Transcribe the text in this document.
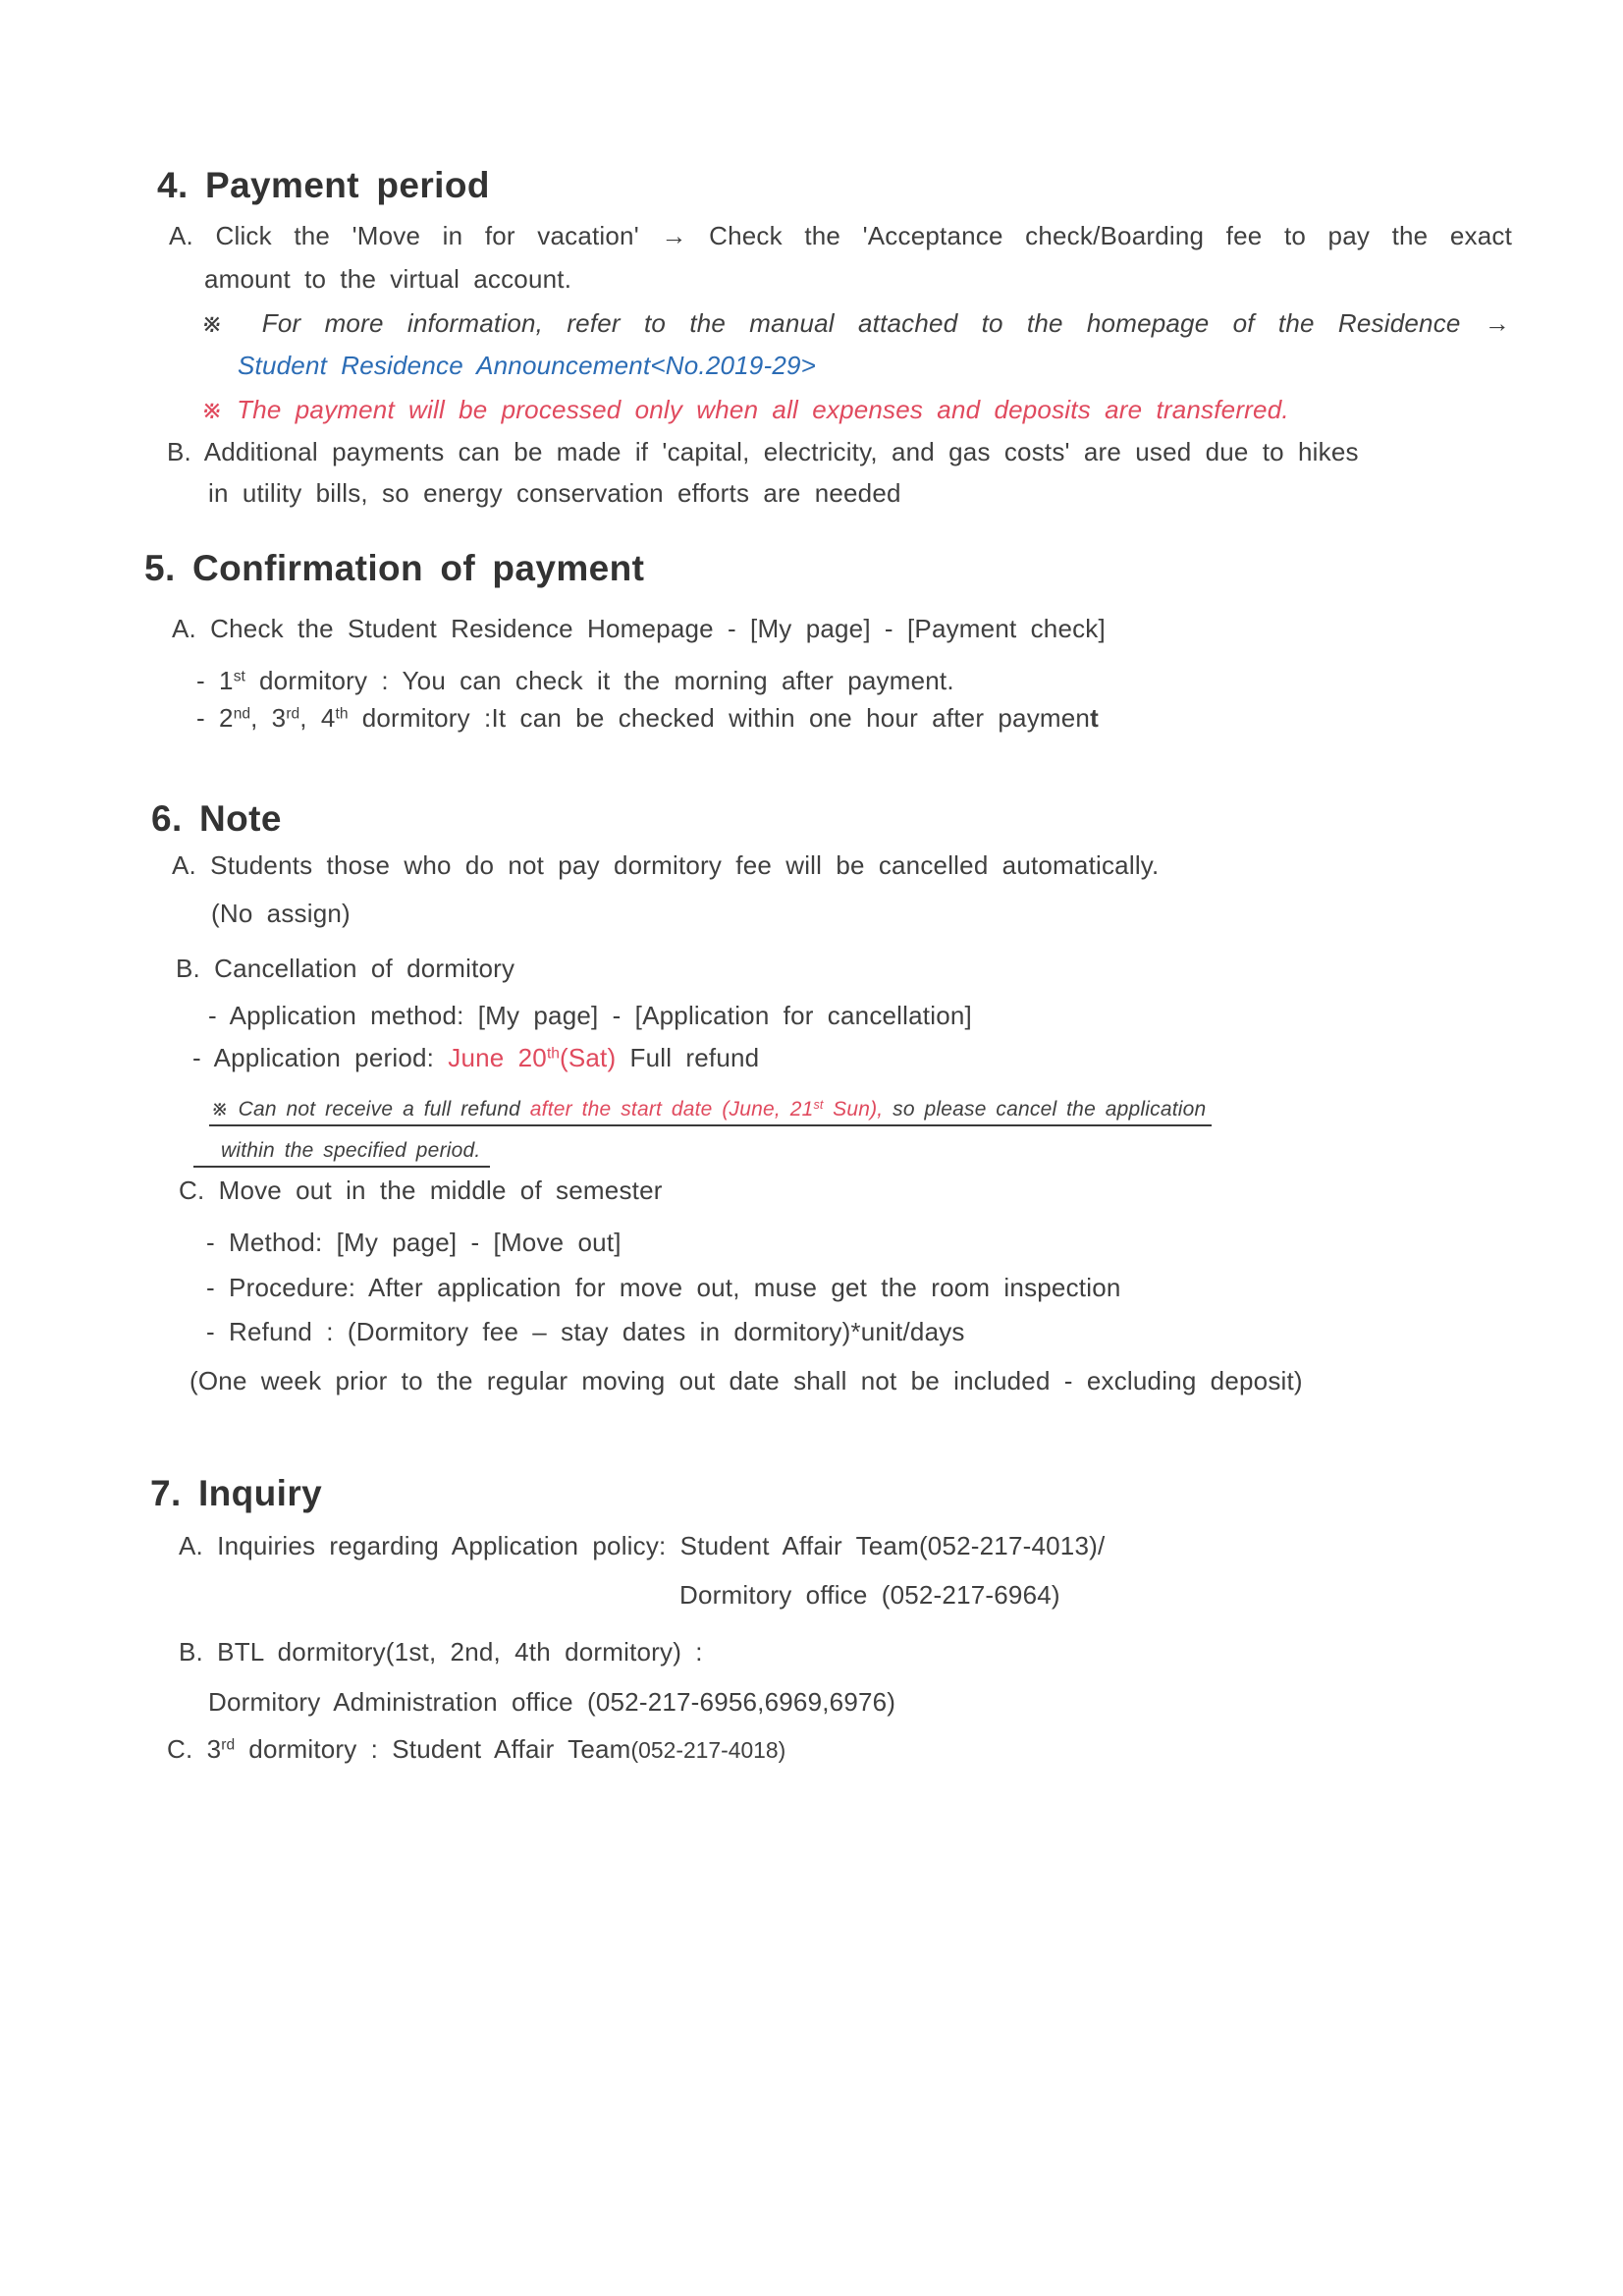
4. Payment period
A. Click the 'Move in for vacation' → Check the 'Acceptance check/Boarding fee to pay the exact
amount to the virtual account.
※ For more information, refer to the manual attached to the homepage of the Residence →
Student Residence Announcement<No.2019-29>
※ The payment will be processed only when all expenses and deposits are transferred.
B. Additional payments can be made if 'capital, electricity, and gas costs' are used due to hikes
in utility bills, so energy conservation efforts are needed
5. Confirmation of payment
A. Check the Student Residence Homepage - [My page] - [Payment check]
- 1st dormitory : You can check it the morning after payment.
- 2nd, 3rd, 4th dormitory :It can be checked within one hour after payment
6. Note
A. Students those who do not pay dormitory fee will be cancelled automatically.
(No assign)
B. Cancellation of dormitory
- Application method: [My page] - [Application for cancellation]
- Application period: June 20th(Sat) Full refund
※ Can not receive a full refund after the start date (June, 21st Sun), so please cancel the application
within the specified period.
C. Move out in the middle of semester
- Method: [My page] - [Move out]
- Procedure: After application for move out, muse get the room inspection
- Refund : (Dormitory fee – stay dates in dormitory)*unit/days
(One week prior to the regular moving out date shall not be included - excluding deposit)
7. Inquiry
A. Inquiries regarding Application policy: Student Affair Team(052-217-4013)/
Dormitory office (052-217-6964)
B. BTL dormitory(1st, 2nd, 4th dormitory) :
Dormitory Administration office (052-217-6956,6969,6976)
C. 3rd dormitory : Student Affair Team(052-217-4018)
